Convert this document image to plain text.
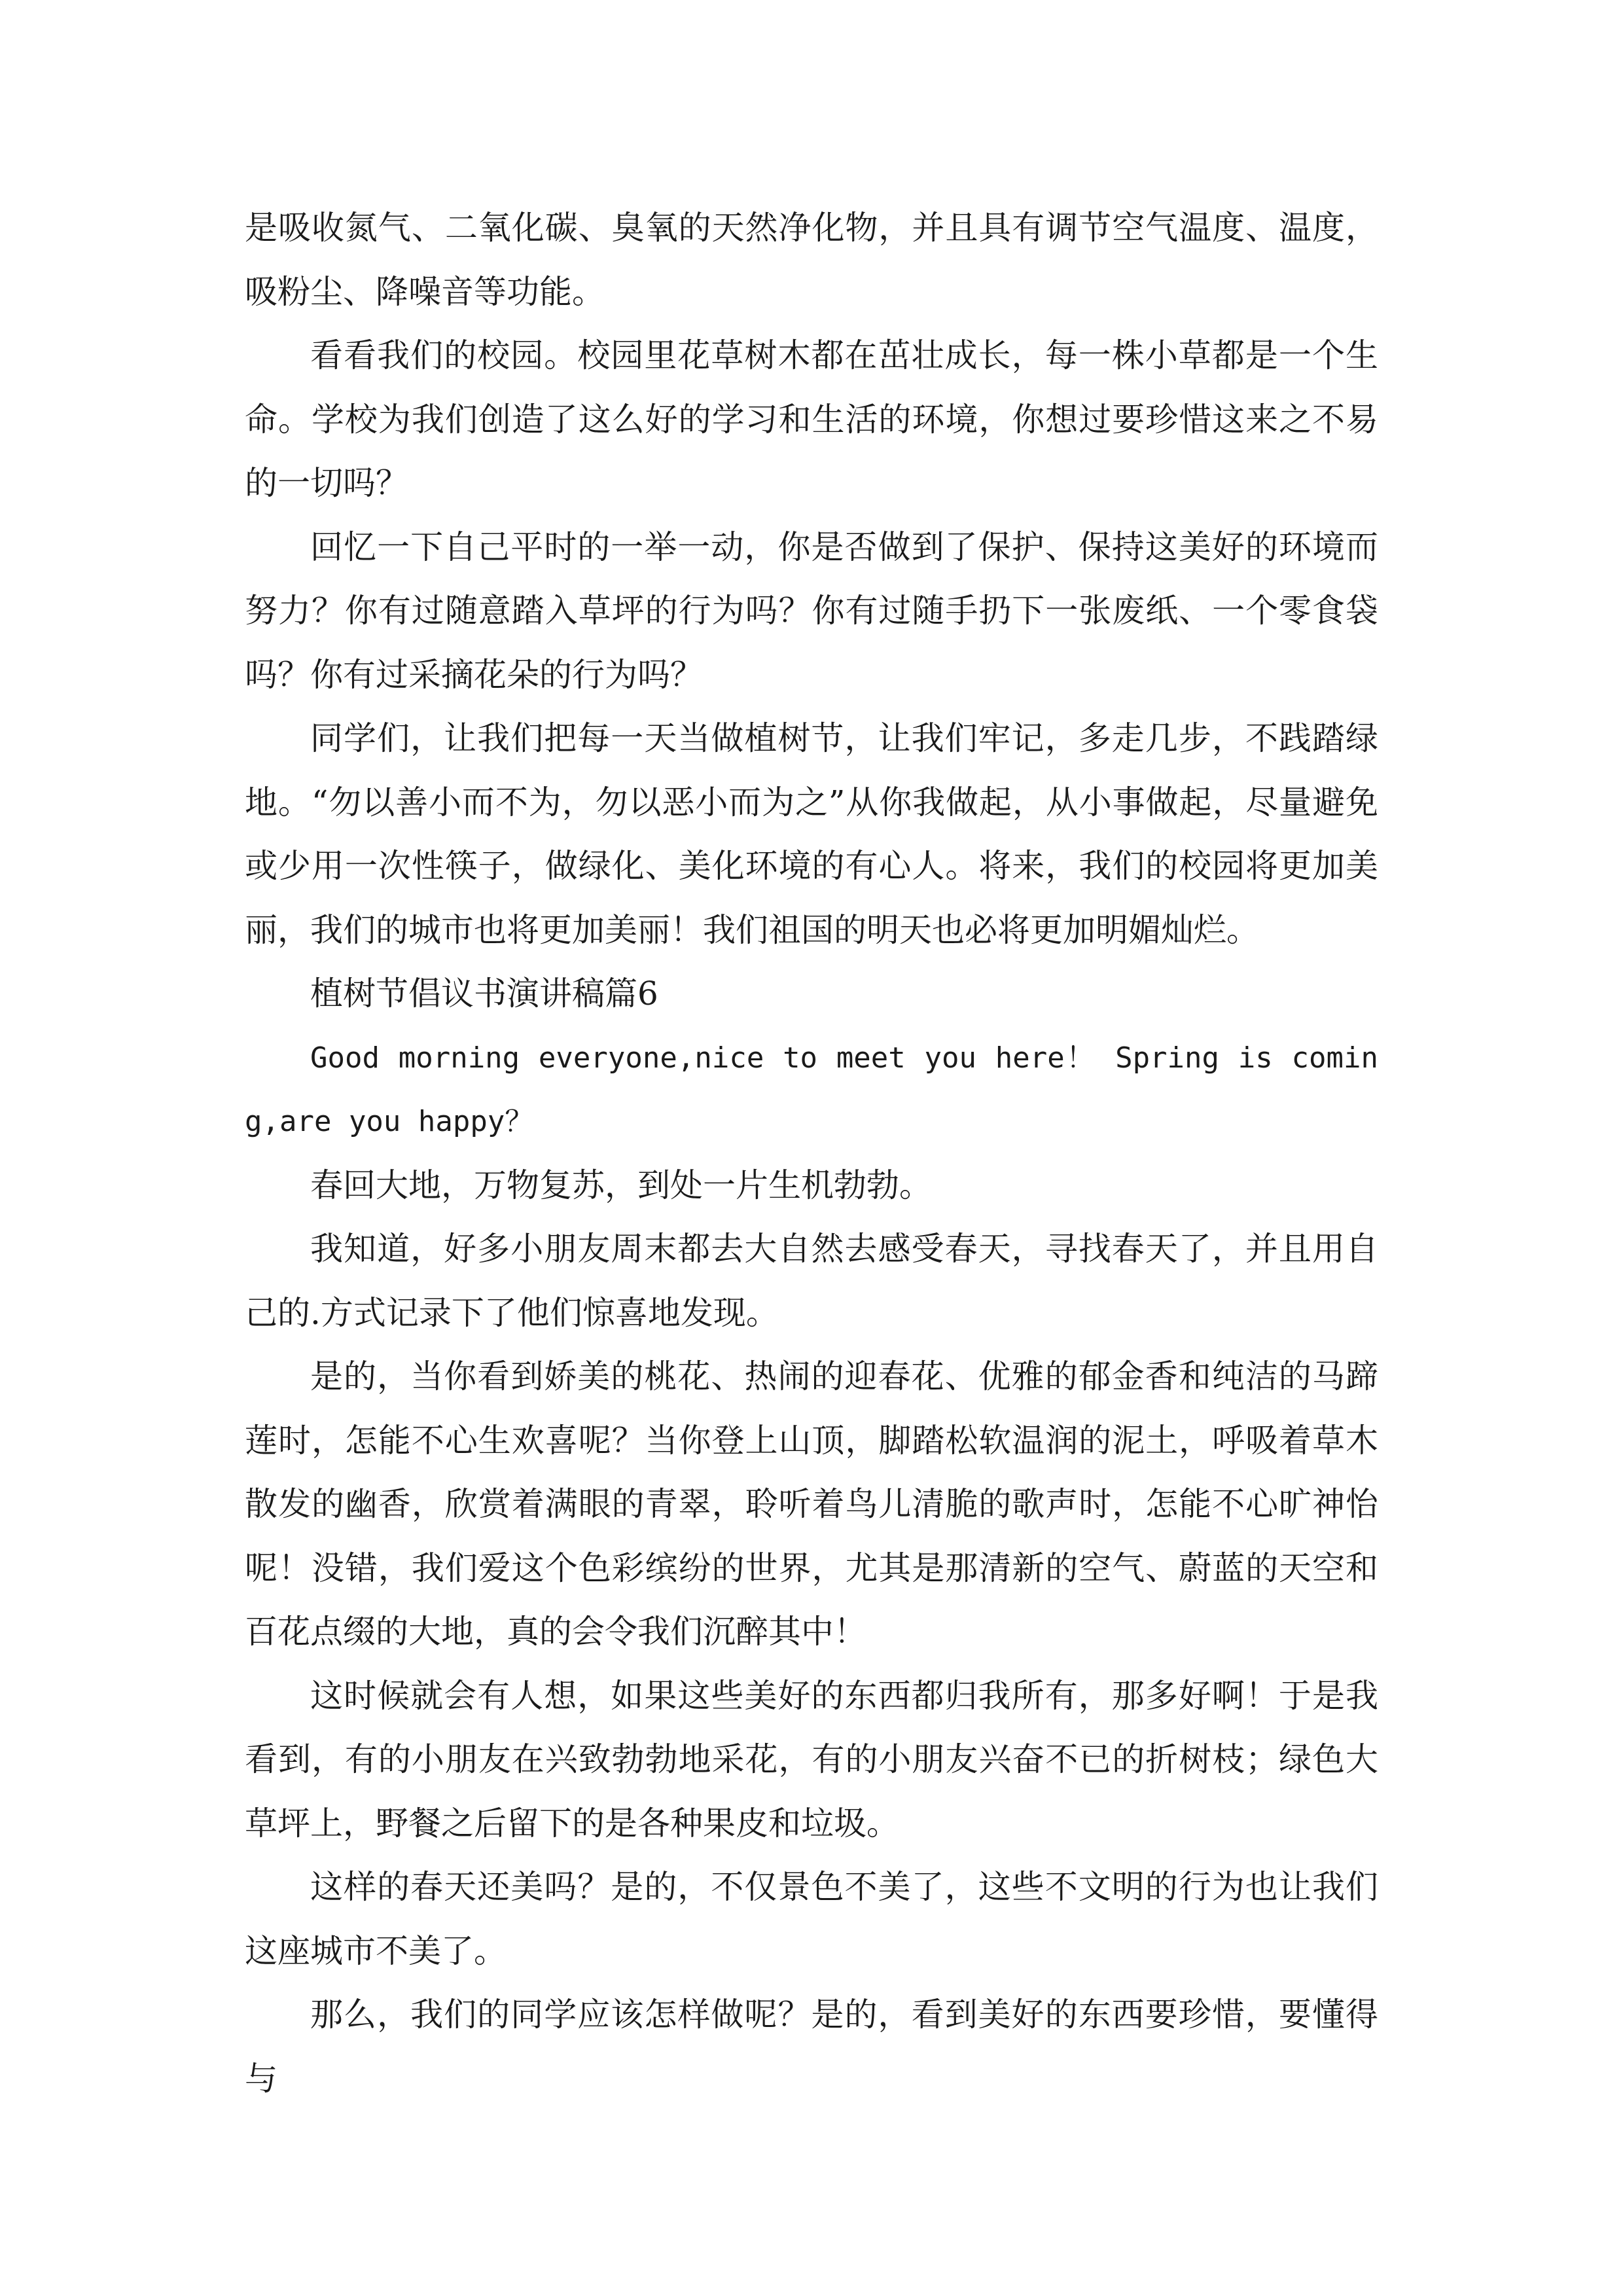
是吸收氮气、二氧化碳、臭氧的天然净化物，并且具有调节空气温度、温度，吸粉尘、降噪音等功能。

看看我们的校园。校园里花草树木都在茁壮成长，每一株小草都是一个生命。学校为我们创造了这么好的学习和生活的环境，你想过要珍惜这来之不易的一切吗？

回忆一下自己平时的一举一动，你是否做到了保护、保持这美好的环境而努力？你有过随意踏入草坪的行为吗？你有过随手扔下一张废纸、一个零食袋吗？你有过采摘花朵的行为吗？

同学们，让我们把每一天当做植树节，让我们牢记，多走几步，不践踏绿地。“勿以善小而不为，勿以恶小而为之”从你我做起，从小事做起，尽量避免或少用一次性筷子，做绿化、美化环境的有心人。将来，我们的校园将更加美丽，我们的城市也将更加美丽！我们祖国的明天也必将更加明媚灿烂。

植树节倡议书演讲稿篇6

Good morning everyone,nice to meet you here！ Spring is coming,are you happy？

春回大地，万物复苏，到处一片生机勃勃。

我知道，好多小朋友周末都去大自然去感受春天，寻找春天了，并且用自己的.方式记录下了他们惊喜地发现。

是的，当你看到娇美的桃花、热闹的迎春花、优雅的郁金香和纯洁的马蹄莲时，怎能不心生欢喜呢？当你登上山顶，脚踏松软温润的泥土，呼吸着草木散发的幽香，欣赏着满眼的青翠，聆听着鸟儿清脆的歌声时，怎能不心旷神怡呢！没错，我们爱这个色彩缤纷的世界，尤其是那清新的空气、蔚蓝的天空和百花点缀的大地，真的会令我们沉醉其中！

这时候就会有人想，如果这些美好的东西都归我所有，那多好啊！于是我看到，有的小朋友在兴致勃勃地采花，有的小朋友兴奋不已的折树枝；绿色大草坪上，野餐之后留下的是各种果皮和垃圾。

这样的春天还美吗？是的，不仅景色不美了，这些不文明的行为也让我们这座城市不美了。

那么，我们的同学应该怎样做呢？是的，看到美好的东西要珍惜，要懂得与
